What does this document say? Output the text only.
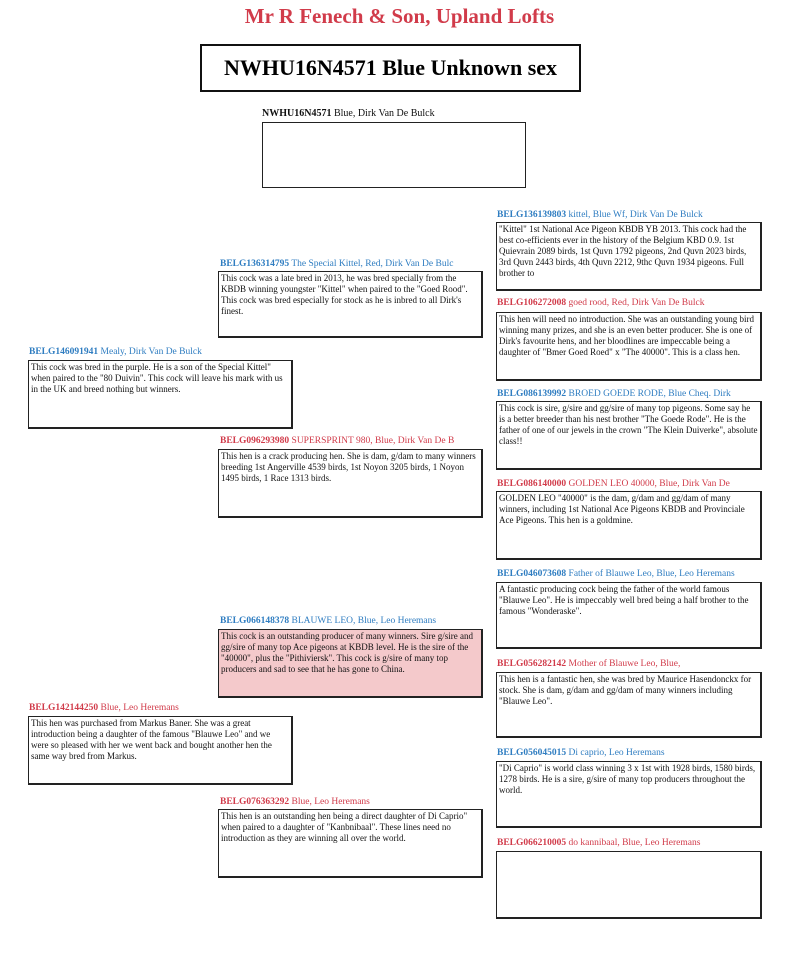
Mr R Fenech & Son, Upland Lofts
NWHU16N4571 Blue Unknown sex
NWHU16N4571 Blue, Dirk Van De Bulck
BELG136314795 The Special Kittel, Red, Dirk Van De Bulc
This cock was a late bred in 2013, he was bred specially from the KBDB winning youngster "Kittel" when paired to the "Goed Rood". This cock was bred especially for stock as he is inbred to all Dirk's finest.
BELG146091941 Mealy, Dirk Van De Bulck
This cock was bred in the purple. He is a son of the Special Kittel" when paired to the "80 Duivin". This cock will leave his mark with us in the UK and breed nothing but winners.
BELG096293980 SUPERSPRINT 980, Blue, Dirk Van De B
This hen is a crack producing hen. She is dam, g/dam to many winners breeding 1st Angerville 4539 birds, 1st Noyon 3205 birds, 1 Noyon 1495 birds, 1 Race 1313 birds.
BELG066148378 BLAUWE LEO, Blue, Leo Heremans
This cock is an outstanding producer of many winners. Sire g/sire and gg/sire of many top Ace pigeons at KBDB level. He is the sire of the "40000", plus the "Pithiviersk". This cock is g/sire of many top producers and sad to see that he has gone to China.
BELG142144250 Blue, Leo Heremans
This hen was purchased from Markus Baner. She was a great introduction being a daughter of the famous "Blauwe Leo" and we were so pleased with her we went back and bought another hen the same way bred from Markus.
BELG076363292 Blue, Leo Heremans
This hen is an outstanding hen being a direct daughter of Di Caprio" when paired to a daughter of "Kanbnibaal". These lines need no introduction as they are winning all over the world.
BELG136139803 kittel, Blue Wf, Dirk Van De Bulck
"Kittel" 1st National Ace Pigeon KBDB YB 2013. This cock had the best co-efficients ever in the history of the Belgium KBD 0.9. 1st Quievrain 2089 birds, 1st Quvn 1792 pigeons, 2nd Quvn 2023 birds, 3rd Quvn 2443 birds, 4th Quvn 2212, 9thc Quvn 1934 pigeons. Full brother to
BELG106272008 goed rood, Red, Dirk Van De Bulck
This hen will need no introduction. She was an outstanding young bird winning many prizes, and she is an even better producer. She is one of Dirk's favourite hens, and her bloodlines are impeccable being a daughter of "Bmer Goed Roed" x "The 40000". This is a class hen.
BELG086139992 BROED GOEDE RODE, Blue Cheq. Dirk
This cock is sire, g/sire and gg/sire of many top pigeons. Some say he is a better breeder than his nest brother "The Goede Rode". He is the father of one of our jewels in the crown "The Klein Duiverke", absolute class!!
BELG086140000 GOLDEN LEO 40000, Blue, Dirk Van De
GOLDEN LEO "40000" is the dam, g/dam and gg/dam of many winners, including 1st National Ace Pigeons KBDB and Provinciale Ace Pigeons. This hen is a goldmine.
BELG046073608 Father of Blauwe Leo, Blue, Leo Heremans
A fantastic producing cock being the father of the world famous "Blauwe Leo". He is impeccably well bred being a half brother to the famous "Wonderaske".
BELG056282142 Mother of Blauwe Leo, Blue,
This hen is a fantastic hen, she was bred by Maurice Hasendonckx for stock. She is dam, g/dam and gg/dam of many winners including "Blauwe Leo".
BELG056045015 Di caprio, Leo Heremans
"Di Caprio" is world class winning 3 x 1st with 1928 birds, 1580 birds, 1278 birds. He is a sire, g/sire of many top producers throughout the world.
BELG066210005 do kannibaal, Blue, Leo Heremans
